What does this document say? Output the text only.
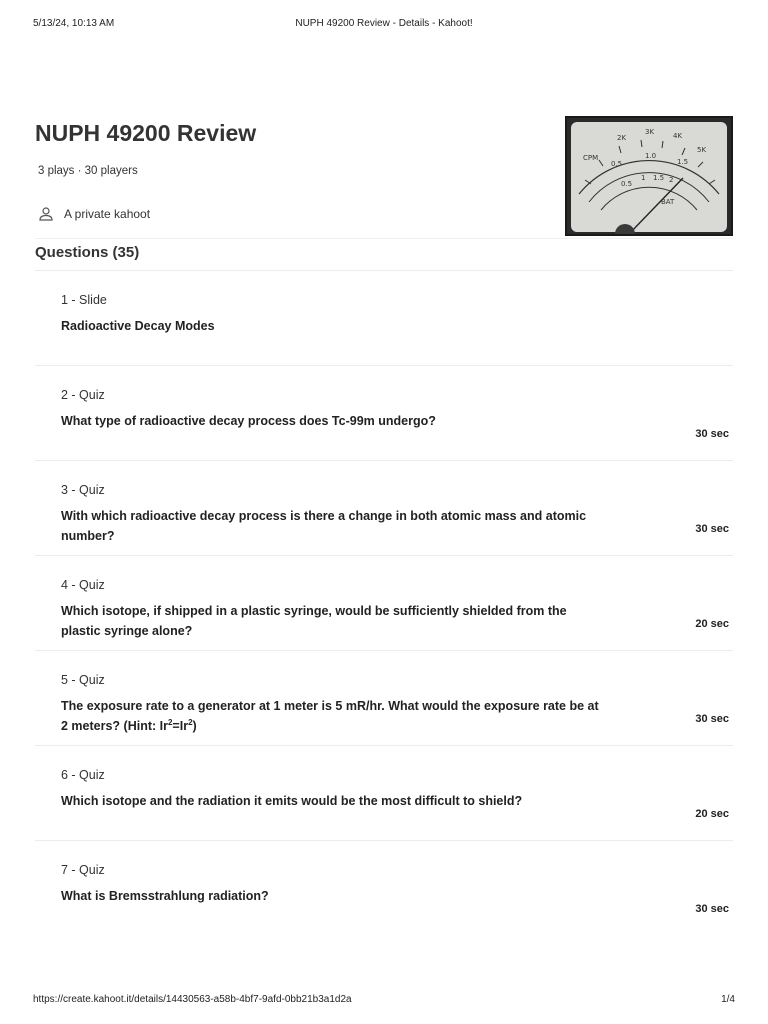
5/13/24, 10:13 AM	NUPH 49200 Review - Details - Kahoot!
NUPH 49200 Review
3 plays · 30 players
A private kahoot
CPM
2K
3K	4K
5K
0.5
1.0
1.5
0.5
1 1.5 2
BAT
Questions (35)
1 - Slide
Radioactive Decay Modes
2 - Quiz
What type of radioactive decay process does Tc-99m undergo?
30 sec
3 - Quiz
With which radioactive decay process is there a change in both atomic mass and atomic number?	30 sec
4 - Quiz
Which isotope, if shipped in a plastic syringe, would be sufficiently shielded from the plastic syringe alone?	20 sec
5 - Quiz
The exposure rate to a generator at 1 meter is 5 mR/hr. What would the exposure rate be at 2 meters? (Hint: $Ir^2=Ir^2$)	30 sec
6 - Quiz
Which isotope and the radiation it emits would be the most difficult to shield?
20 sec
7 - Quiz
What is Bremsstrahlung radiation?
30 sec
https://create.kahoot.it/details/14430563-a58b-4bf7-9afd-0bb21b3a1d2a	1/4
